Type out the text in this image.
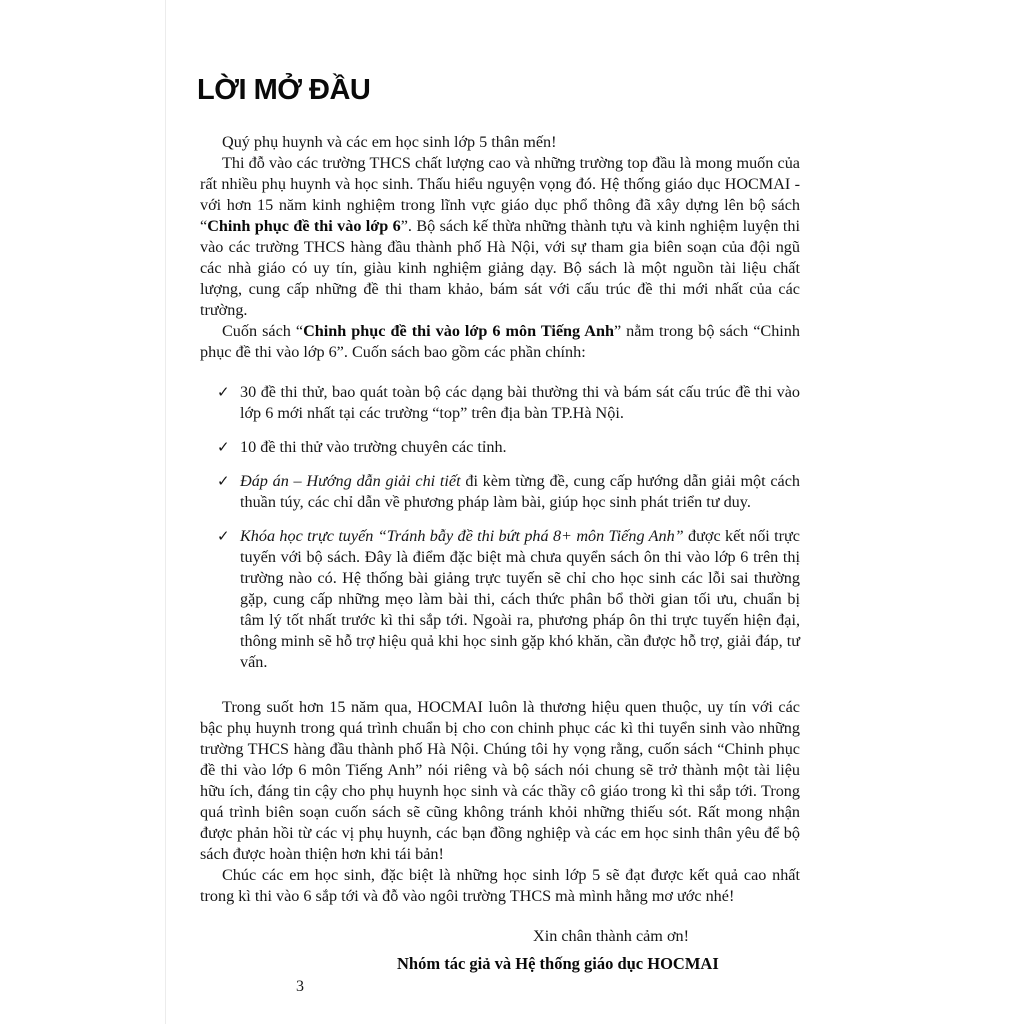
LỜI MỞ ĐẦU

Quý phụ huynh và các em học sinh lớp 5 thân mến!

Thi đỗ vào các trường THCS chất lượng cao và những trường top đầu là mong muốn của rất nhiều phụ huynh và học sinh. Thấu hiểu nguyện vọng đó. Hệ thống giáo dục HOCMAI - với hơn 15 năm kinh nghiệm trong lĩnh vực giáo dục phổ thông đã xây dựng lên bộ sách “Chinh phục đề thi vào lớp 6”. Bộ sách kế thừa những thành tựu và kinh nghiệm luyện thi vào các trường THCS hàng đầu thành phố Hà Nội, với sự tham gia biên soạn của đội ngũ các nhà giáo có uy tín, giàu kinh nghiệm giảng dạy. Bộ sách là một nguồn tài liệu chất lượng, cung cấp những đề thi tham khảo, bám sát với cấu trúc đề thi mới nhất của các trường.

Cuốn sách “Chinh phục đề thi vào lớp 6 môn Tiếng Anh” nằm trong bộ sách “Chinh phục đề thi vào lớp 6”. Cuốn sách bao gồm các phần chính:

✓ 30 đề thi thử, bao quát toàn bộ các dạng bài thường thi và bám sát cấu trúc đề thi vào lớp 6 mới nhất tại các trường “top” trên địa bàn TP.Hà Nội.
✓ 10 đề thi thử vào trường chuyên các tỉnh.
✓ Đáp án – Hướng dẫn giải chi tiết đi kèm từng đề, cung cấp hướng dẫn giải một cách thuần túy, các chỉ dẫn về phương pháp làm bài, giúp học sinh phát triển tư duy.
✓ Khóa học trực tuyến “Tránh bẫy đề thi bứt phá 8+ môn Tiếng Anh” được kết nối trực tuyến với bộ sách. Đây là điểm đặc biệt mà chưa quyển sách ôn thi vào lớp 6 trên thị trường nào có. Hệ thống bài giảng trực tuyến sẽ chỉ cho học sinh các lỗi sai thường gặp, cung cấp những mẹo làm bài thi, cách thức phân bổ thời gian tối ưu, chuẩn bị tâm lý tốt nhất trước kì thi sắp tới. Ngoài ra, phương pháp ôn thi trực tuyến hiện đại, thông minh sẽ hỗ trợ hiệu quả khi học sinh gặp khó khăn, cần được hỗ trợ, giải đáp, tư vấn.

Trong suốt hơn 15 năm qua, HOCMAI luôn là thương hiệu quen thuộc, uy tín với các bậc phụ huynh trong quá trình chuẩn bị cho con chinh phục các kì thi tuyển sinh vào những trường THCS hàng đầu thành phố Hà Nội. Chúng tôi hy vọng rằng, cuốn sách “Chinh phục đề thi vào lớp 6 môn Tiếng Anh” nói riêng và bộ sách nói chung sẽ trở thành một tài liệu hữu ích, đáng tin cậy cho phụ huynh học sinh và các thầy cô giáo trong kì thi sắp tới. Trong quá trình biên soạn cuốn sách sẽ cũng không tránh khỏi những thiếu sót. Rất mong nhận được phản hồi từ các vị phụ huynh, các bạn đồng nghiệp và các em học sinh thân yêu để bộ sách được hoàn thiện hơn khi tái bản!

Chúc các em học sinh, đặc biệt là những học sinh lớp 5 sẽ đạt được kết quả cao nhất trong kì thi vào 6 sắp tới và đỗ vào ngôi trường THCS mà mình hằng mơ ước nhé!

Xin chân thành cảm ơn!
Nhóm tác giả và Hệ thống giáo dục HOCMAI
3
